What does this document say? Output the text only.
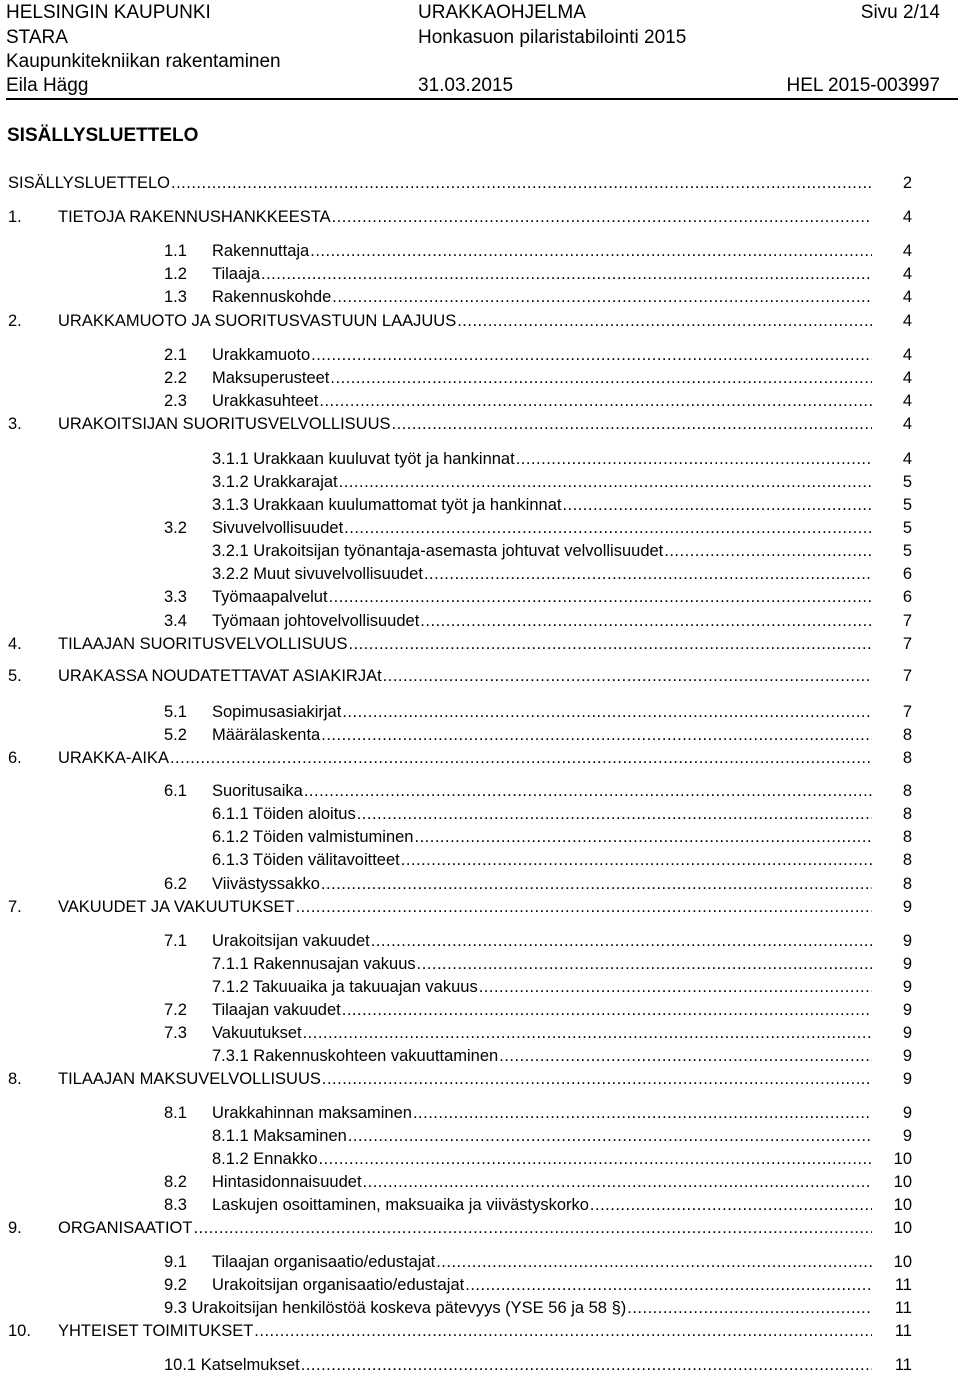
HELSINGIN KAUPUNKI	URAKKAOHJELMA	Sivu 2/14
STARA	Honkasuon pilaristabilointi 2015
Kaupunkitekniikan rakentaminen
Eila Hägg	31.03.2015	HEL 2015-003997
SISÄLLYSLUETTELO
SISÄLLYSLUETTELO .....	2
1. TIETOJA RAKENNUSHANKKEESTA .....	4
1.1 Rakennuttaja .....	4
1.2 Tilaaja .....	4
1.3 Rakennuskohde .....	4
2. URAKKAMUOTO JA SUORITUSVASTUUN LAAJUUS .....	4
2.1 Urakkamuoto .....	4
2.2 Maksuperusteet .....	4
2.3 Urakkasuhteet .....	4
3. URAKOITSIJAN SUORITUSVELVOLLISUUS .....	4
3.1.1 Urakkaan kuuluvat työt ja hankinnat .....	4
3.1.2 Urakkarajat .....	5
3.1.3 Urakkaan kuulumattomat työt ja hankinnat .....	5
3.2 Sivuvelvollisuudet .....	5
3.2.1 Urakoitsijan työnantaja-asemasta johtuvat velvollisuudet .....	5
3.2.2 Muut sivuvelvollisuudet .....	6
3.3 Työmaapalvelut .....	6
3.4 Työmaan johtovelvollisuudet .....	7
4. TILAAJAN SUORITUSVELVOLLISUUS .....	7
5. URAKASSA NOUDATETTAVAT ASIAKIRJAt .....	7
5.1 Sopimusasiakirjat .....	7
5.2 Määrälaskenta .....	8
6. URAKKA-AIKA .....	8
6.1 Suoritusaika .....	8
6.1.1 Töiden aloitus .....	8
6.1.2 Töiden valmistuminen .....	8
6.1.3 Töiden välitavoitteet .....	8
6.2 Viivästyssakko .....	8
7. VAKUUDET JA VAKUUTUKSET .....	9
7.1 Urakoitsijan vakuudet .....	9
7.1.1 Rakennusajan vakuus .....	9
7.1.2 Takuuaika ja takuuajan vakuus .....	9
7.2 Tilaajan vakuudet .....	9
7.3 Vakuutukset .....	9
7.3.1 Rakennuskohteen vakuuttaminen .....	9
8. TILAAJAN MAKSUVELVOLLISUUS .....	9
8.1 Urakkahinnan maksaminen .....	9
8.1.1 Maksaminen .....	9
8.1.2 Ennakko .....	10
8.2 Hintasidonnaisuudet .....	10
8.3 Laskujen osoittaminen, maksuaika ja viivästyskorko .....	10
9. ORGANISAATIOT .....	10
9.1 Tilaajan organisaatio/edustajat .....	10
9.2 Urakoitsijan organisaatio/edustajat .....	11
9.3 Urakoitsijan henkilöstöä koskeva pätevyys (YSE 56 ja 58 §) .....	11
10. YHTEISET TOIMITUKSET .....	11
10.1 Katselmukset .....	11
